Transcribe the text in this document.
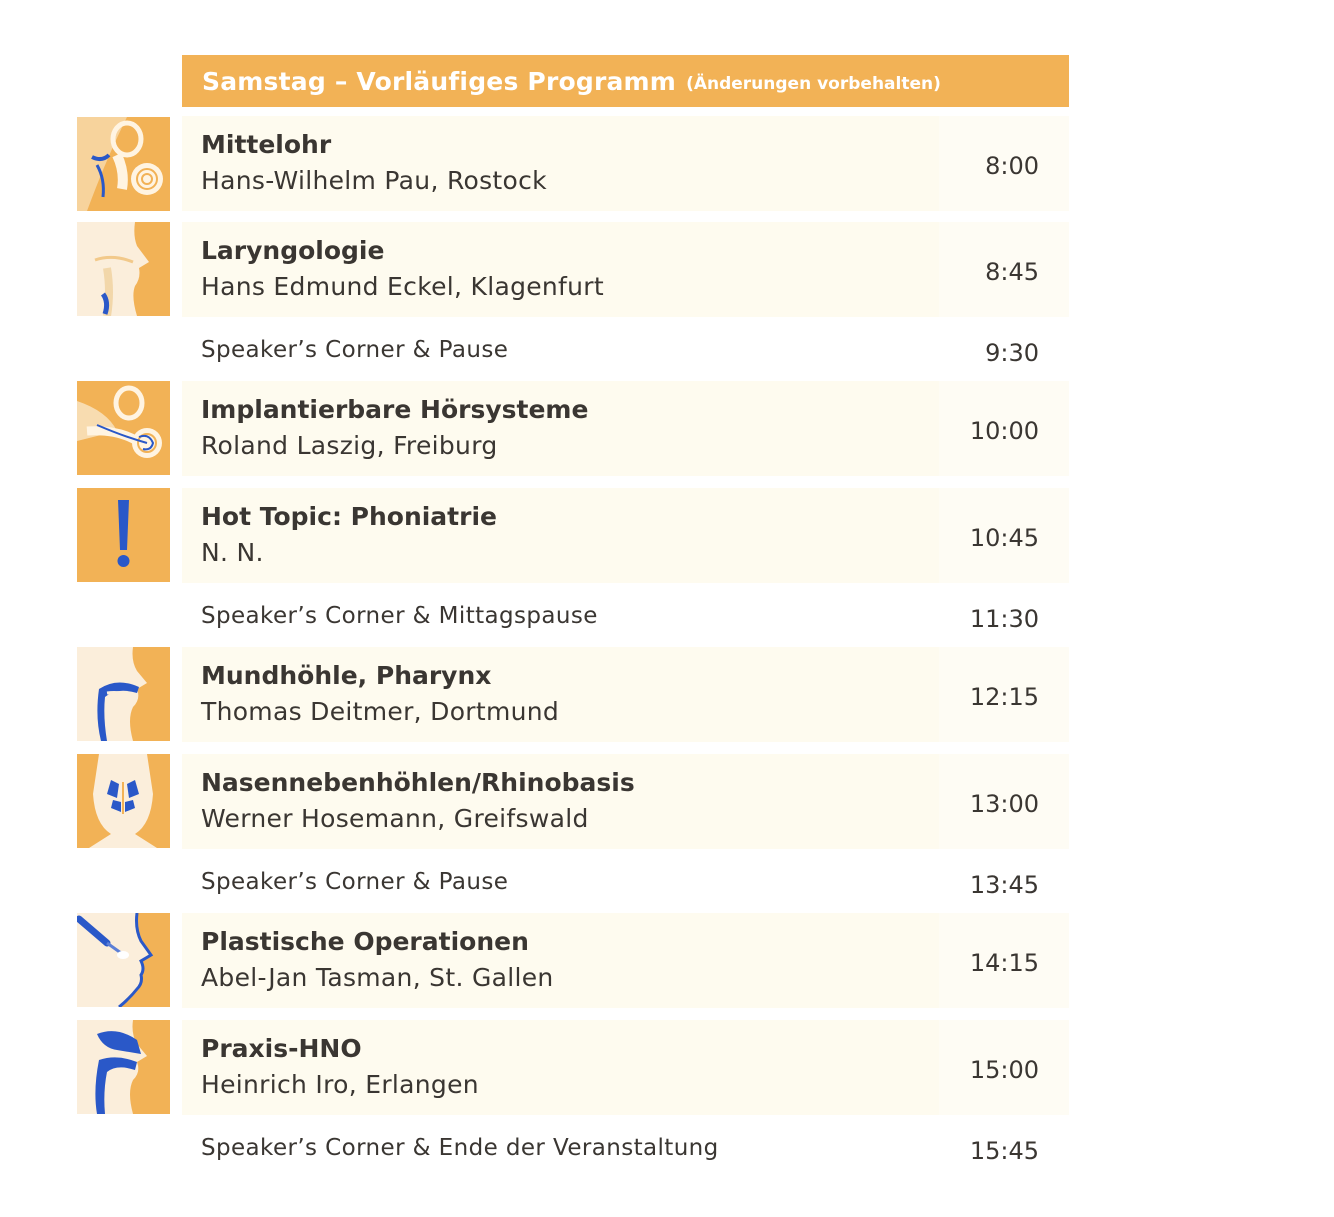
Samstag – Vorläufiges Programm (Änderungen vorbehalten)
Mittelohr
Hans-Wilhelm Pau, Rostock	8:00
Laryngologie
Hans Edmund Eckel, Klagenfurt	8:45
Speaker’s Corner & Pause	9:30
Implantierbare Hörsysteme
Roland Laszig, Freiburg	10:00
Hot Topic: Phoniatrie
N. N.	10:45
Speaker’s Corner & Mittagspause	11:30
Mundhöhle, Pharynx
Thomas Deitmer, Dortmund	12:15
Nasennebenhöhlen/Rhinobasis
Werner Hosemann, Greifswald	13:00
Speaker’s Corner & Pause	13:45
Plastische Operationen
Abel-Jan Tasman, St. Gallen	14:15
Praxis-HNO
Heinrich Iro, Erlangen	15:00
Speaker’s Corner & Ende der Veranstaltung	15:45
